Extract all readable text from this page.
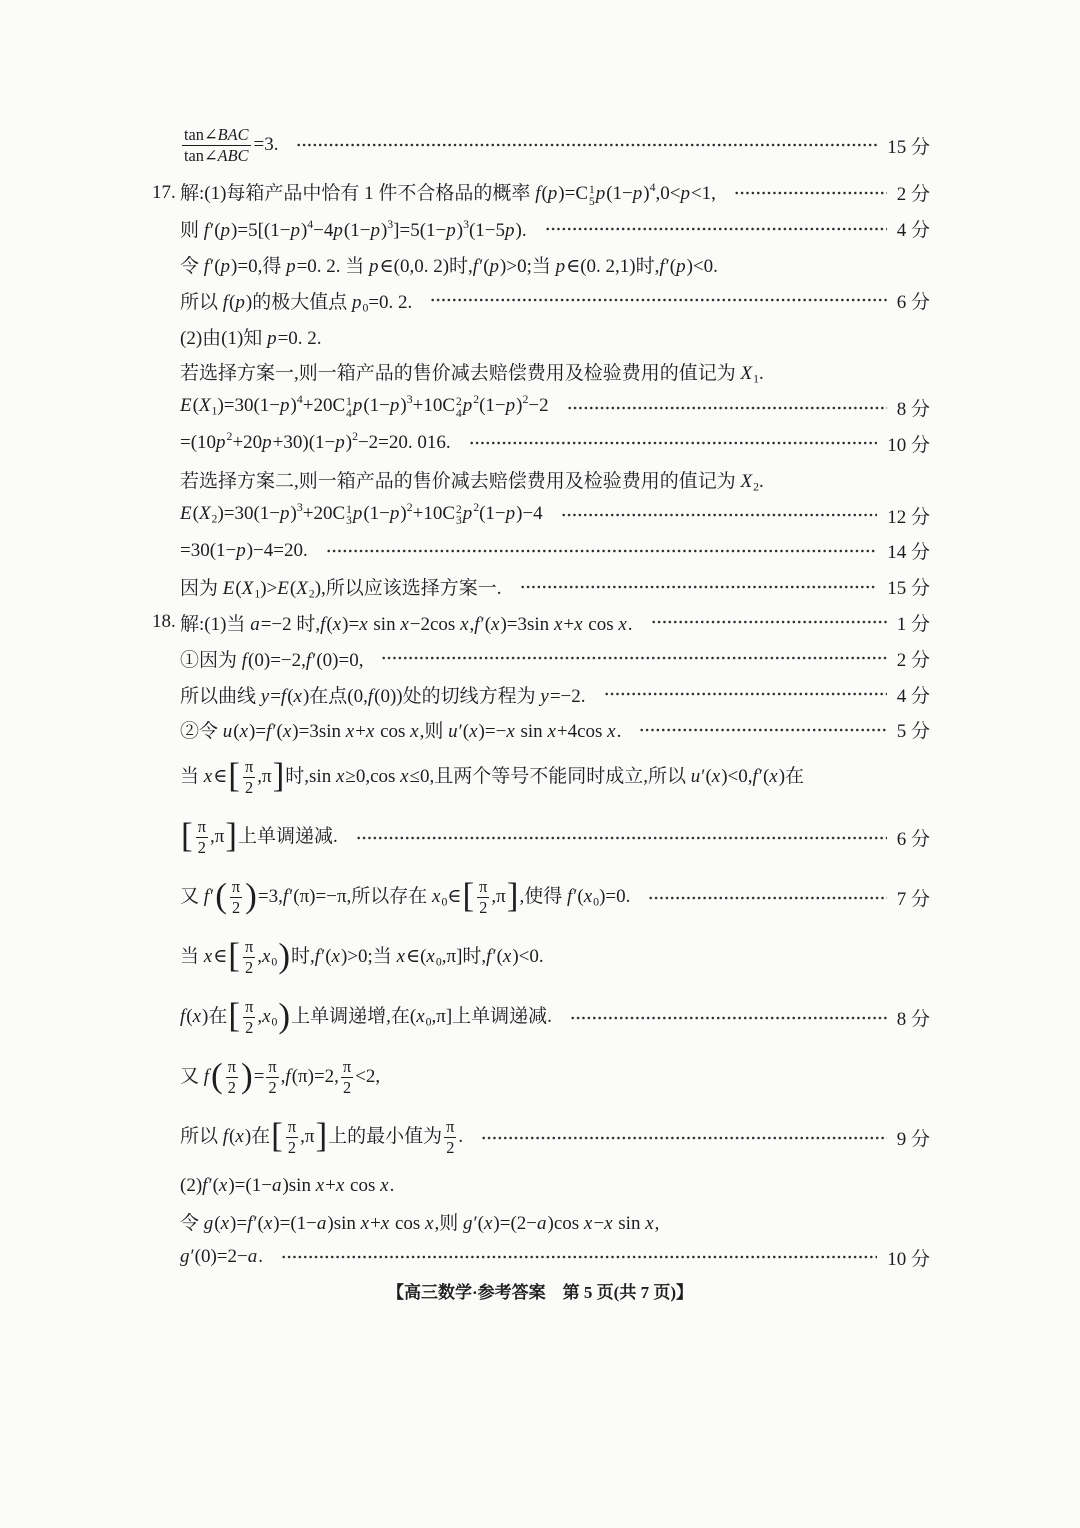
$\frac{\text{tan∠BAC}}{\text{tan∠ABC}} =3$.	15 分
17. 解:(1)每箱产品中恰有 1 件不合格品的概率 f(p)=C 1
5 $p(1-p)^4,0<p<1$,	2 分
则 $f'(p)=5[(1-p)^4-4p(1-p)^3]=5(1-p)^3(1-5p)$.	4 分
令 f′(p)=0,得 p=0. 2. 当 p∈(0,0. 2)时,f′(p)>0;当 p∈(0. 2,1)时,f′(p)<0.
所以 f(p)的极大值点 $p_0=0$. 2.	6 分
(2)由(1)知 p=0. 2.
若选择方案一,则一箱产品的售价减去赔偿费用及检验费用的值记为 $X_1$.
$E(X_1)=30(1-p)^4+20C$ 1
4 $p(1-p)^3+10C$ 2
4 $p^2(1-p)^2-2$	8 分
$=(10p^2+20p+30)(1-p)^2-2=20$. 016.	10 分
若选择方案二,则一箱产品的售价减去赔偿费用及检验费用的值记为 $X_2$.
$E(X_2)=30(1-p)^3+20C$ 1
3 $p(1-p)^2+10C$ 2
3 $p^2(1-p)-4$	12 分
=30(1−p)−4=20.	14 分
因为 $E(X_1)>E(X_2)$,所以应该选择方案一.	15 分
18. 解:(1)当 a=−2 时,f(x)=x sin x−2cos x,f′(x)=3sin x+x cos x.	1 分
①因为 f(0)=−2,f′(0)=0,	2 分
所以曲线 y=f(x)在点(0,f(0))处的切线方程为 y=−2.	4 分
②令 u(x)=f′(x)=3sin x+x cos x,则 u′(x)=−x sin x+4cos x.	5 分
当 x∈[ $\frac{\pi}{2} ,\pi$]时,sin x≥0,cos x≤0,且两个等号不能同时成立,所以 u′(x)<0,f′(x)在
[ $\frac{\pi}{2} ,\pi$]上单调递减.	6 分
又 $f'( \frac{\pi}{2} )=3,f'(\pi)=-\pi$,所以存在 $x_0\in[ \frac{\pi}{2} ,\pi]$,使得 $f'(x_0)=0$.	7 分
当 x∈[ $\frac{\pi}{2} ,x_0$)时,f′(x)>0;当 $x\in(x_0,\pi]$时,f′(x)<0.
f(x)在[ $\frac{\pi}{2} ,x_0$)上单调递增,在$(x_0,\pi]$上单调递减.	8 分
又 $f( \frac{\pi}{2}$ )= $\frac{\pi}{2} ,f(\pi)=2$, $\frac{\pi}{2} <2$,
所以 f(x)在[ $\frac{\pi}{2} ,\pi$]上的最小值为 $\frac{\pi}{2}$ .	9 分
(2)f′(x)=(1−a)sin x+x cos x.
令 g(x)=f′(x)=(1−a)sin x+x cos x,则 g′(x)=(2−a)cos x−x sin x,
g′(0)=2−a.	10 分
【高三数学·参考答案　第 5 页(共 7 页)】
